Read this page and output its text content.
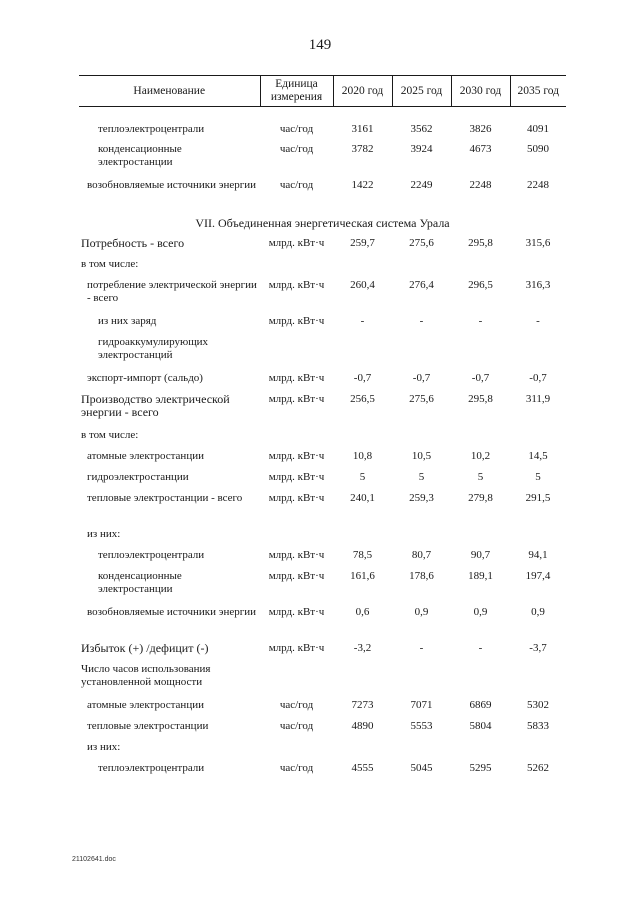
149
Наименование	Единица измерения	2020 год	2025 год	2030 год	2035 год
теплоэлектроцентрали	час/год	3161	3562	3826	4091
конденсационные электростанции	час/год	3782	3924	4673	5090
возобновляемые источники энергии	час/год	1422	2249	2248	2248
VII. Объединенная энергетическая система Урала					
Потребность - всего	млрд. кВт·ч	259,7	275,6	295,8	315,6
в том числе:					
потребление электрической энергии - всего	млрд. кВт·ч	260,4	276,4	296,5	316,3
из них заряд	млрд. кВт·ч	-	-	-	-
гидроаккумулирующих электростанций					
экспорт-импорт (сальдо)	млрд. кВт·ч	-0,7	-0,7	-0,7	-0,7
Производство электрической энергии - всего	млрд. кВт·ч	256,5	275,6	295,8	311,9
в том числе:					
атомные электростанции	млрд. кВт·ч	10,8	10,5	10,2	14,5
гидроэлектростанции	млрд. кВт·ч	5	5	5	5
тепловые электростанции - всего	млрд. кВт·ч	240,1	259,3	279,8	291,5
из них:					
теплоэлектроцентрали	млрд. кВт·ч	78,5	80,7	90,7	94,1
конденсационные электростанции	млрд. кВт·ч	161,6	178,6	189,1	197,4
возобновляемые источники энергии	млрд. кВт·ч	0,6	0,9	0,9	0,9
Избыток (+) /дефицит (-)	млрд. кВт·ч	-3,2	-	-	-3,7
Число часов использования установленной мощности					
атомные электростанции	час/год	7273	7071	6869	5302
тепловые электростанции	час/год	4890	5553	5804	5833
из них:					
теплоэлектроцентрали	час/год	4555	5045	5295	5262
21102641.doc
